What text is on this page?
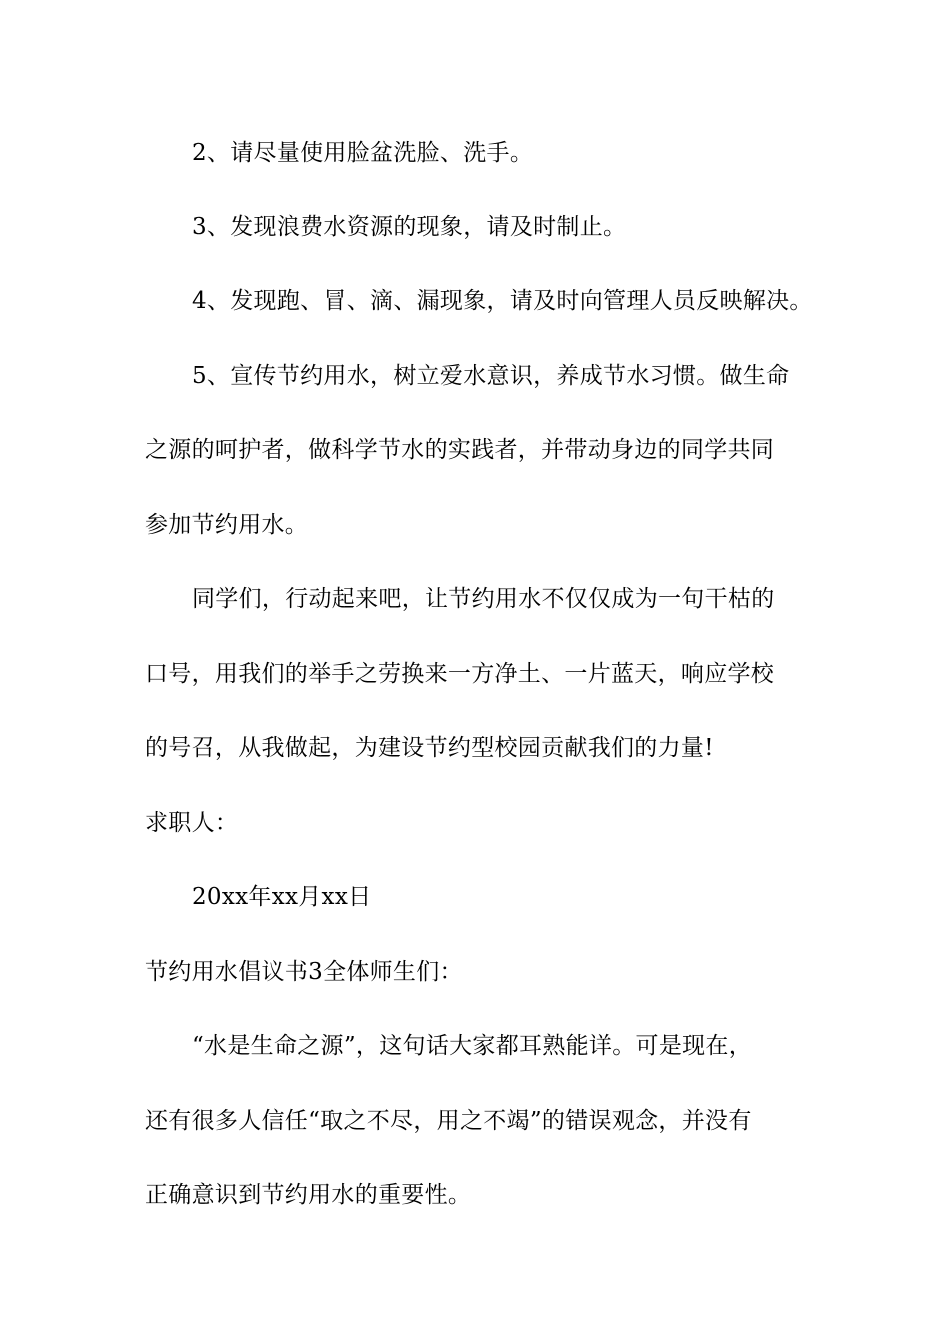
2、请尽量使用脸盆洗脸、洗手。
3、发现浪费水资源的现象，请及时制止。
4、发现跑、冒、滴、漏现象，请及时向管理人员反映解决。
5、宣传节约用水，树立爱水意识，养成节水习惯。做生命
之源的呵护者，做科学节水的实践者，并带动身边的同学共同
参加节约用水。
同学们，行动起来吧，让节约用水不仅仅成为一句干枯的
口号，用我们的举手之劳换来一方净土、一片蓝天，响应学校
的号召，从我做起，为建设节约型校园贡献我们的力量!
求职人：
20xx年xx月xx日
节约用水倡议书3全体师生们：
“水是生命之源”，这句话大家都耳熟能详。可是现在，
还有很多人信任“取之不尽，用之不竭”的错误观念，并没有
正确意识到节约用水的重要性。
